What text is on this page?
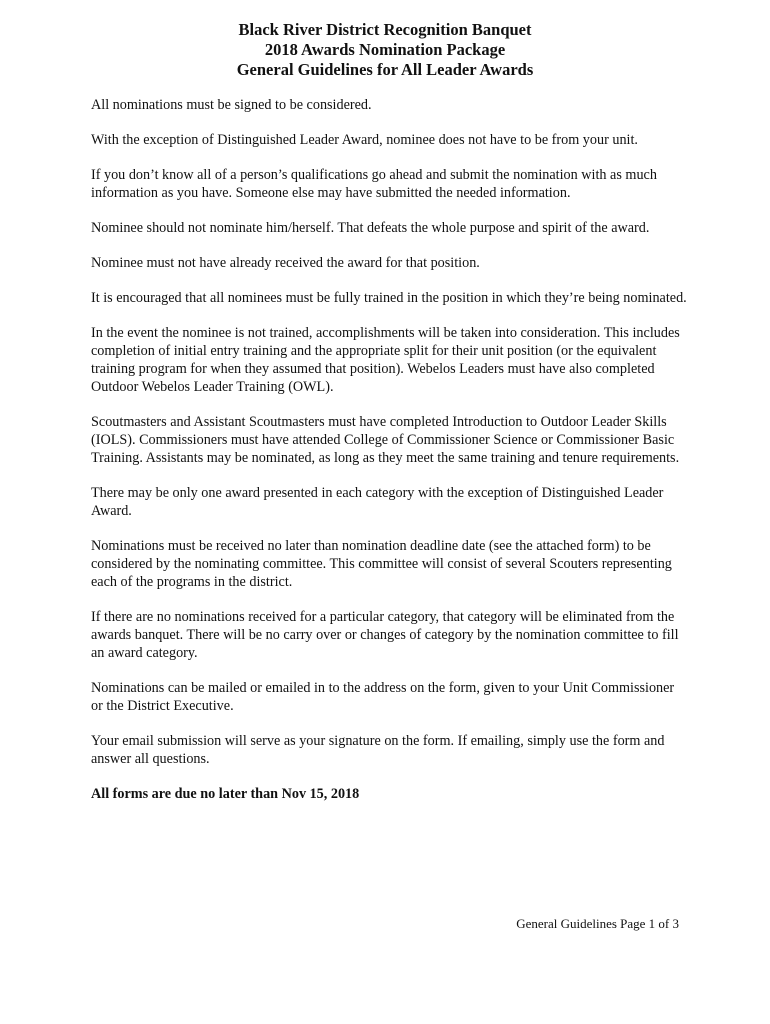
Black River District Recognition Banquet

2018 Awards Nomination Package

General Guidelines for All Leader Awards

All nominations must be signed to be considered.

With the exception of Distinguished Leader Award, nominee does not have to be from your unit.

If you don’t know all of a person’s qualifications go ahead and submit the nomination with as much information as you have. Someone else may have submitted the needed information.

Nominee should not nominate him/herself. That defeats the whole purpose and spirit of the award.

Nominee must not have already received the award for that position.

It is encouraged that all nominees must be fully trained in the position in which they’re being nominated.

In the event the nominee is not trained, accomplishments will be taken into consideration. This includes completion of initial entry training and the appropriate split for their unit position (or the equivalent training program for when they assumed that position). Webelos Leaders must have also completed Outdoor Webelos Leader Training (OWL).

Scoutmasters and Assistant Scoutmasters must have completed Introduction to Outdoor Leader Skills (IOLS). Commissioners must have attended College of Commissioner Science or Commissioner Basic Training. Assistants may be nominated, as long as they meet the same training and tenure requirements.

There may be only one award presented in each category with the exception of Distinguished Leader Award.

Nominations must be received no later than nomination deadline date (see the attached form) to be considered by the nominating committee. This committee will consist of several Scouters representing each of the programs in the district.

If there are no nominations received for a particular category, that category will be eliminated from the awards banquet. There will be no carry over or changes of category by the nomination committee to fill an award category.

Nominations can be mailed or emailed in to the address on the form, given to your Unit Commissioner or the District Executive.

Your email submission will serve as your signature on the form. If emailing, simply use the form and answer all questions.

All forms are due no later than Nov 15, 2018

General Guidelines Page 1 of 3
